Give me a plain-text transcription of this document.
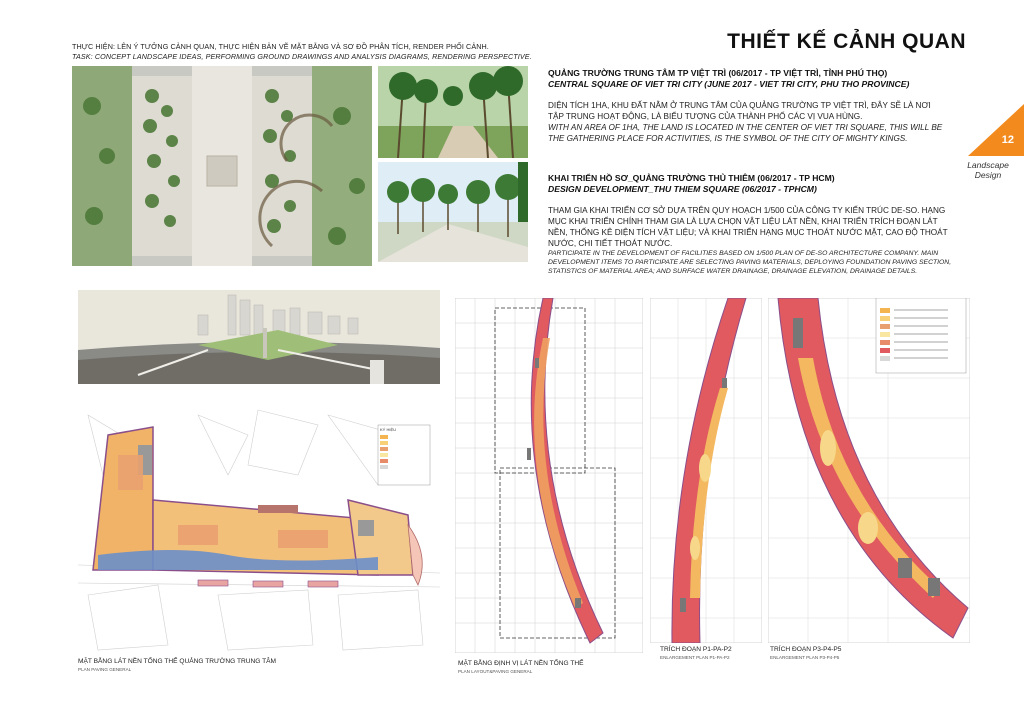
THỰC HIỆN: LÊN Ý TƯỞNG CẢNH QUAN, THỰC HIỆN BẢN VẼ MẶT BẰNG VÀ SƠ ĐỒ PHÂN TÍCH, RENDER PHỐI CẢNH.
TASK: CONCEPT LANDSCAPE IDEAS, PERFORMING GROUND DRAWINGS AND ANALYSIS DIAGRAMS, RENDERING PERSPECTIVE.
THIẾT KẾ CẢNH QUAN
12
Landscape Design
QUẢNG TRƯỜNG TRUNG TÂM TP VIỆT TRÌ (06/2017 - TP VIỆT TRÌ, TỈNH PHÚ THỌ)
CENTRAL SQUARE OF VIET TRI CITY (JUNE 2017 - VIET TRI CITY, PHU THO PROVINCE)
DIỆN TÍCH 1HA, KHU ĐẤT NẰM Ở TRUNG TÂM CỦA QUẢNG TRƯỜNG TP VIỆT TRÌ, ĐÂY SẼ LÀ NƠI TẬP TRUNG HOẠT ĐỘNG, LÀ BIỂU TƯỢNG CỦA THÀNH PHỐ CÁC VỊ VUA HÙNG.
WITH AN AREA OF 1HA, THE LAND IS LOCATED IN THE CENTER OF VIET TRI SQUARE, THIS WILL BE THE GATHERING PLACE FOR ACTIVITIES, IS THE SYMBOL OF THE CITY OF MIGHTY KINGS.
KHAI TRIỂN HỒ SƠ_QUẢNG TRƯỜNG THỦ THIÊM (06/2017 - TP HCM)
DESIGN DEVELOPMENT_THU THIEM SQUARE (06/2017 - TPHCM)
THAM GIA KHAI TRIỂN CƠ SỞ DỰA TRÊN QUY HOẠCH 1/500 CỦA CÔNG TY KIẾN TRÚC DE-SO. HẠNG MỤC KHAI TRIỂN CHÍNH THAM GIA LÀ LỰA CHỌN VẬT LIỆU LÁT NỀN, KHAI TRIỂN TRÍCH ĐOẠN LÁT NỀN, THỐNG KÊ DIỆN TÍCH VẬT LIỆU; VÀ KHAI TRIỂN HẠNG MỤC THOÁT NƯỚC MẶT, CAO ĐỘ THOÁT NƯỚC, CHI TIẾT THOÁT NƯỚC.
PARTICIPATE IN THE DEVELOPMENT OF FACILITIES BASED ON 1/500 PLAN OF DE-SO ARCHITECTURE COMPANY. MAIN DEVELOPMENT ITEMS TO PARTICIPATE ARE SELECTING PAVING MATERIALS, DEPLOYING FOUNDATION PAVING SECTION, STATISTICS OF MATERIAL AREA; AND SURFACE WATER DRAINAGE, DRAINAGE ELEVATION, DRAINAGE DETAILS.
KÝ HIỆU
MẶT BẰNG LÁT NỀN TỔNG THỂ QUẢNG TRƯỜNG TRUNG TÂM
PLAN PAVING GENERAL
MẶT BẰNG ĐỊNH VỊ LÁT NỀN TỔNG THỂ
PLAN LAYOUT&PAVING GENERAL
TRÍCH ĐOẠN P1-PA-P2
ENLARGEMENT PLAN P1-PA-P2
TRÍCH ĐOẠN P3-P4-P5
ENLARGEMENT PLAN P3-P4-P5
